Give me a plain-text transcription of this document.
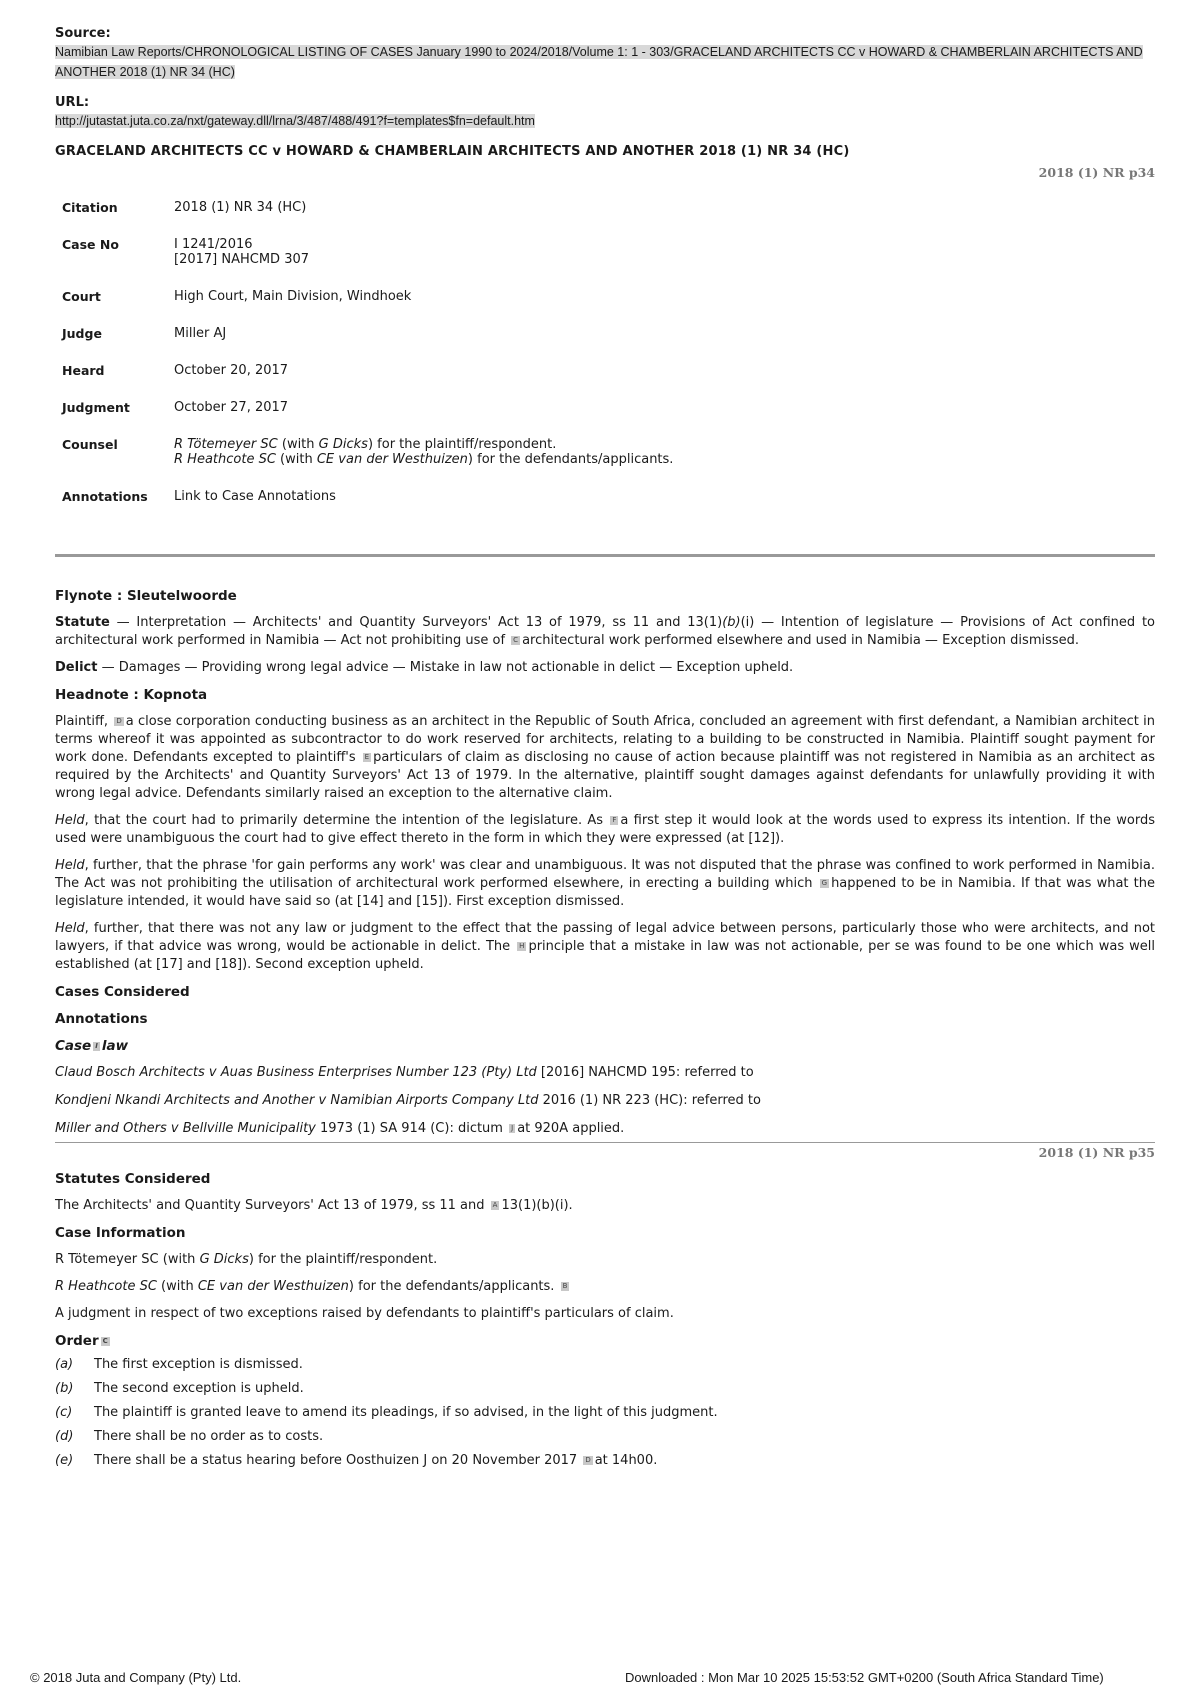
Source:
Namibian Law Reports/CHRONOLOGICAL LISTING OF CASES January 1990 to 2024/2018/Volume 1: 1 - 303/GRACELAND ARCHITECTS CC v HOWARD & CHAMBERLAIN ARCHITECTS AND ANOTHER 2018 (1) NR 34 (HC)
URL:
http://jutastat.juta.co.za/nxt/gateway.dll/lrna/3/487/488/491?f=templates$fn=default.htm
GRACELAND ARCHITECTS CC v HOWARD & CHAMBERLAIN ARCHITECTS AND ANOTHER 2018 (1) NR 34 (HC)
2018 (1) NR p34
Citation	2018 (1) NR 34 (HC)
Case No	I 1241/2016
[2017] NAHCMD 307
Court	High Court, Main Division, Windhoek
Judge	Miller AJ
Heard	October 20, 2017
Judgment	October 27, 2017
Counsel	R Tötemeyer SC (with G Dicks) for the plaintiff/respondent.
R Heathcote SC (with CE van der Westhuizen) for the defendants/applicants.
Annotations	Link to Case Annotations
Flynote : Sleutelwoorde

Statute — Interpretation — Architects' and Quantity Surveyors' Act 13 of 1979, ss 11 and 13(1)(b)(i) — Intention of legislature — Provisions of Act confined to architectural work performed in Namibia — Act not prohibiting use of C architectural work performed elsewhere and used in Namibia — Exception dismissed.

Delict — Damages — Providing wrong legal advice — Mistake in law not actionable in delict — Exception upheld.

Headnote : Kopnota

Plaintiff, D a close corporation conducting business as an architect in the Republic of South Africa, concluded an agreement with first defendant, a Namibian architect in terms whereof it was appointed as subcontractor to do work reserved for architects, relating to a building to be constructed in Namibia. Plaintiff sought payment for work done. Defendants excepted to plaintiff's E particulars of claim as disclosing no cause of action because plaintiff was not registered in Namibia as an architect as required by the Architects' and Quantity Surveyors' Act 13 of 1979. In the alternative, plaintiff sought damages against defendants for unlawfully providing it with wrong legal advice. Defendants similarly raised an exception to the alternative claim.

Held, that the court had to primarily determine the intention of the legislature. As F a first step it would look at the words used to express its intention. If the words used were unambiguous the court had to give effect thereto in the form in which they were expressed (at [12]).

Held, further, that the phrase 'for gain performs any work' was clear and unambiguous. It was not disputed that the phrase was confined to work performed in Namibia. The Act was not prohibiting the utilisation of architectural work performed elsewhere, in erecting a building which G happened to be in Namibia. If that was what the legislature intended, it would have said so (at [14] and [15]). First exception dismissed.

Held, further, that there was not any law or judgment to the effect that the passing of legal advice between persons, particularly those who were architects, and not lawyers, if that advice was wrong, would be actionable in delict. The H principle that a mistake in law was not actionable, per se was found to be one which was well established (at [17] and [18]). Second exception upheld.

Cases Considered
Annotations
Case I law
Claud Bosch Architects v Auas Business Enterprises Number 123 (Pty) Ltd [2016] NAHCMD 195: referred to
Kondjeni Nkandi Architects and Another v Namibian Airports Company Ltd 2016 (1) NR 223 (HC): referred to
Miller and Others v Bellville Municipality 1973 (1) SA 914 (C): dictum J at 920A applied.
2018 (1) NR p35
Statutes Considered

The Architects' and Quantity Surveyors' Act 13 of 1979, ss 11 and A 13(1)(b)(i).

Case Information

R Tötemeyer SC (with G Dicks) for the plaintiff/respondent.

R Heathcote SC (with CE van der Westhuizen) for the defendants/applicants. B

A judgment in respect of two exceptions raised by defendants to plaintiff's particulars of claim.

Order C
(a)	The first exception is dismissed.
(b)	The second exception is upheld.
(c)	The plaintiff is granted leave to amend its pleadings, if so advised, in the light of this judgment.
(d)	There shall be no order as to costs.
(e)	There shall be a status hearing before Oosthuizen J on 20 November 2017 D at 14h00.
© 2018 Juta and Company (Pty) Ltd.	Downloaded : Mon Mar 10 2025 15:53:52 GMT+0200 (South Africa Standard Time)
